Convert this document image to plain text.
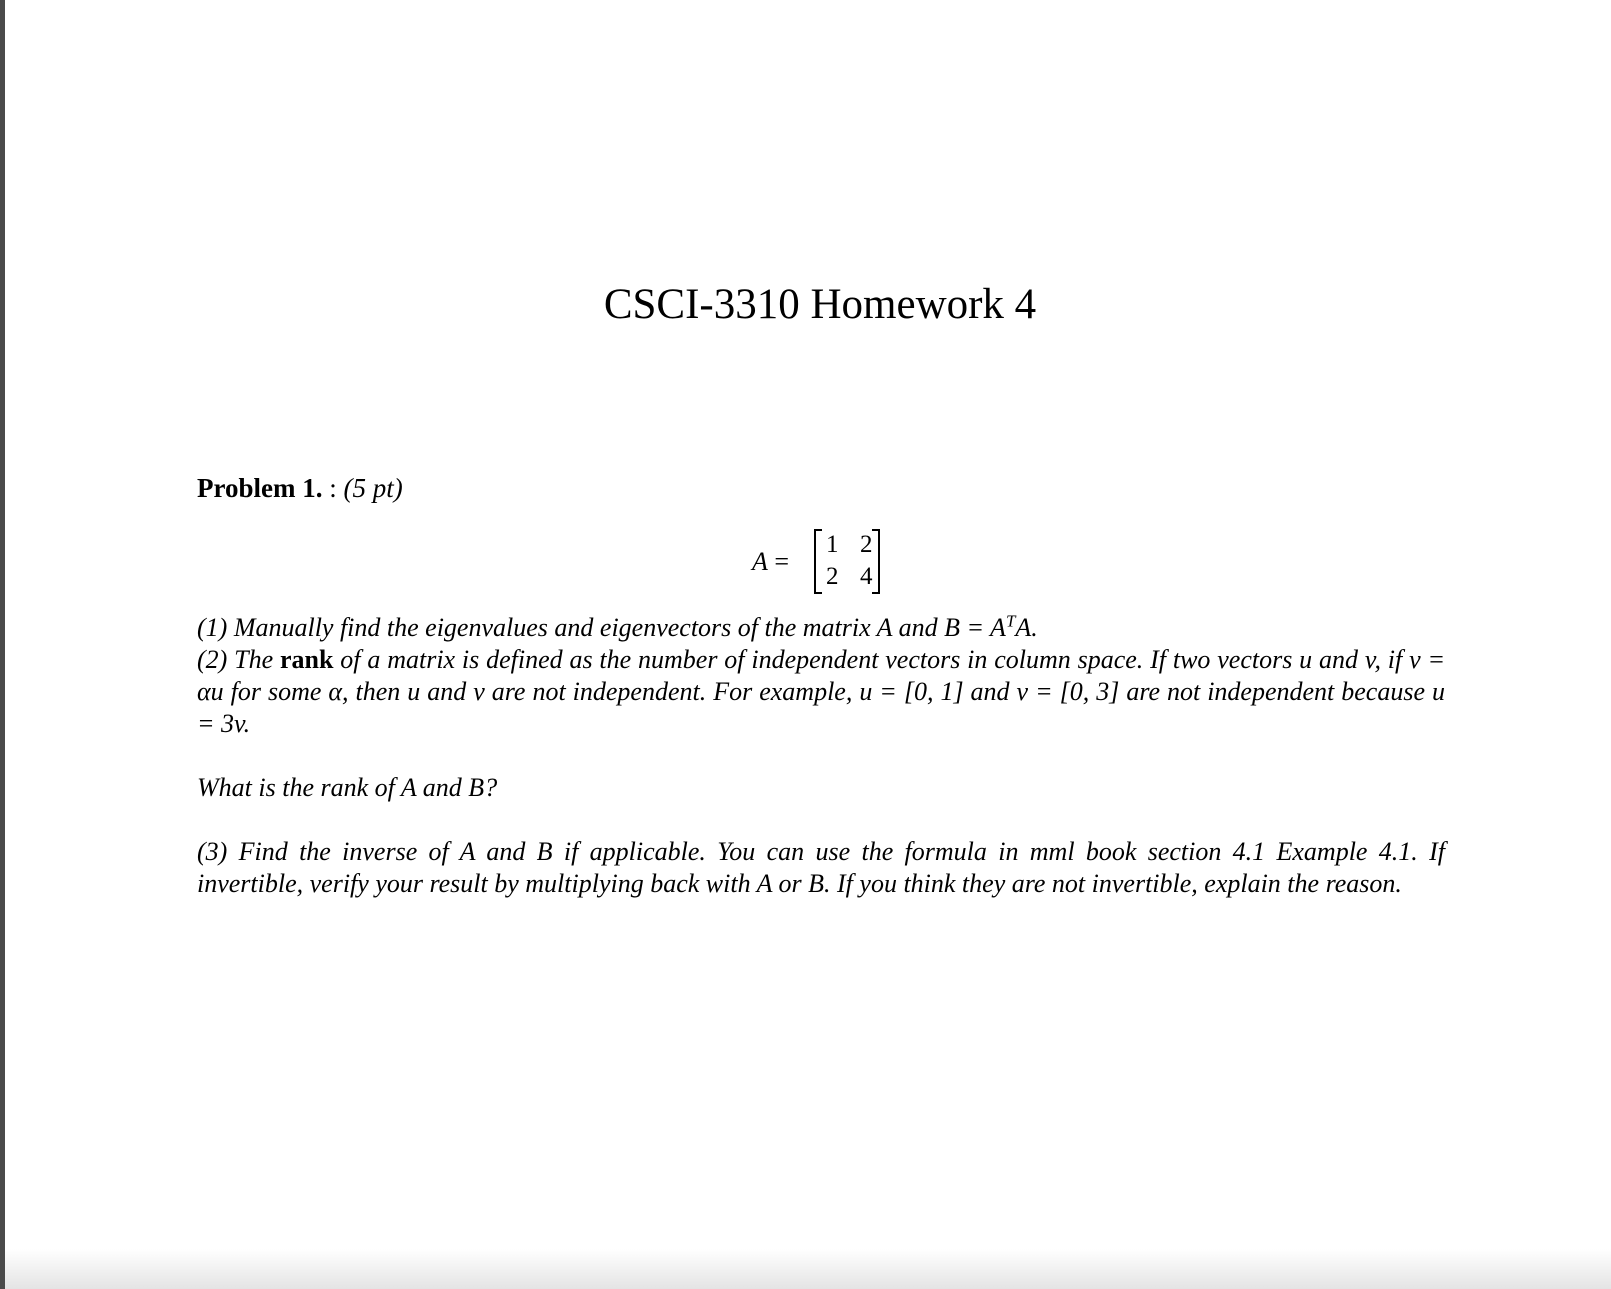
CSCI-3310 Homework 4
Problem 1. : (5 pt)
A =
1 2
2 4
(1) Manually find the eigenvalues and eigenvectors of the matrix A and $B = A^TA$.
(2) The rank of a matrix is defined as the number of independent vectors in column space. If two vectors u and v, if v = αu for some α, then u and v are not independent. For example, u = [0, 1] and v = [0, 3] are not independent because u = 3v.
What is the rank of A and B?
(3) Find the inverse of A and B if applicable. You can use the formula in mml book section 4.1 Example 4.1. If invertible, verify your result by multiplying back with A or B. If you think they are not invertible, explain the reason.
